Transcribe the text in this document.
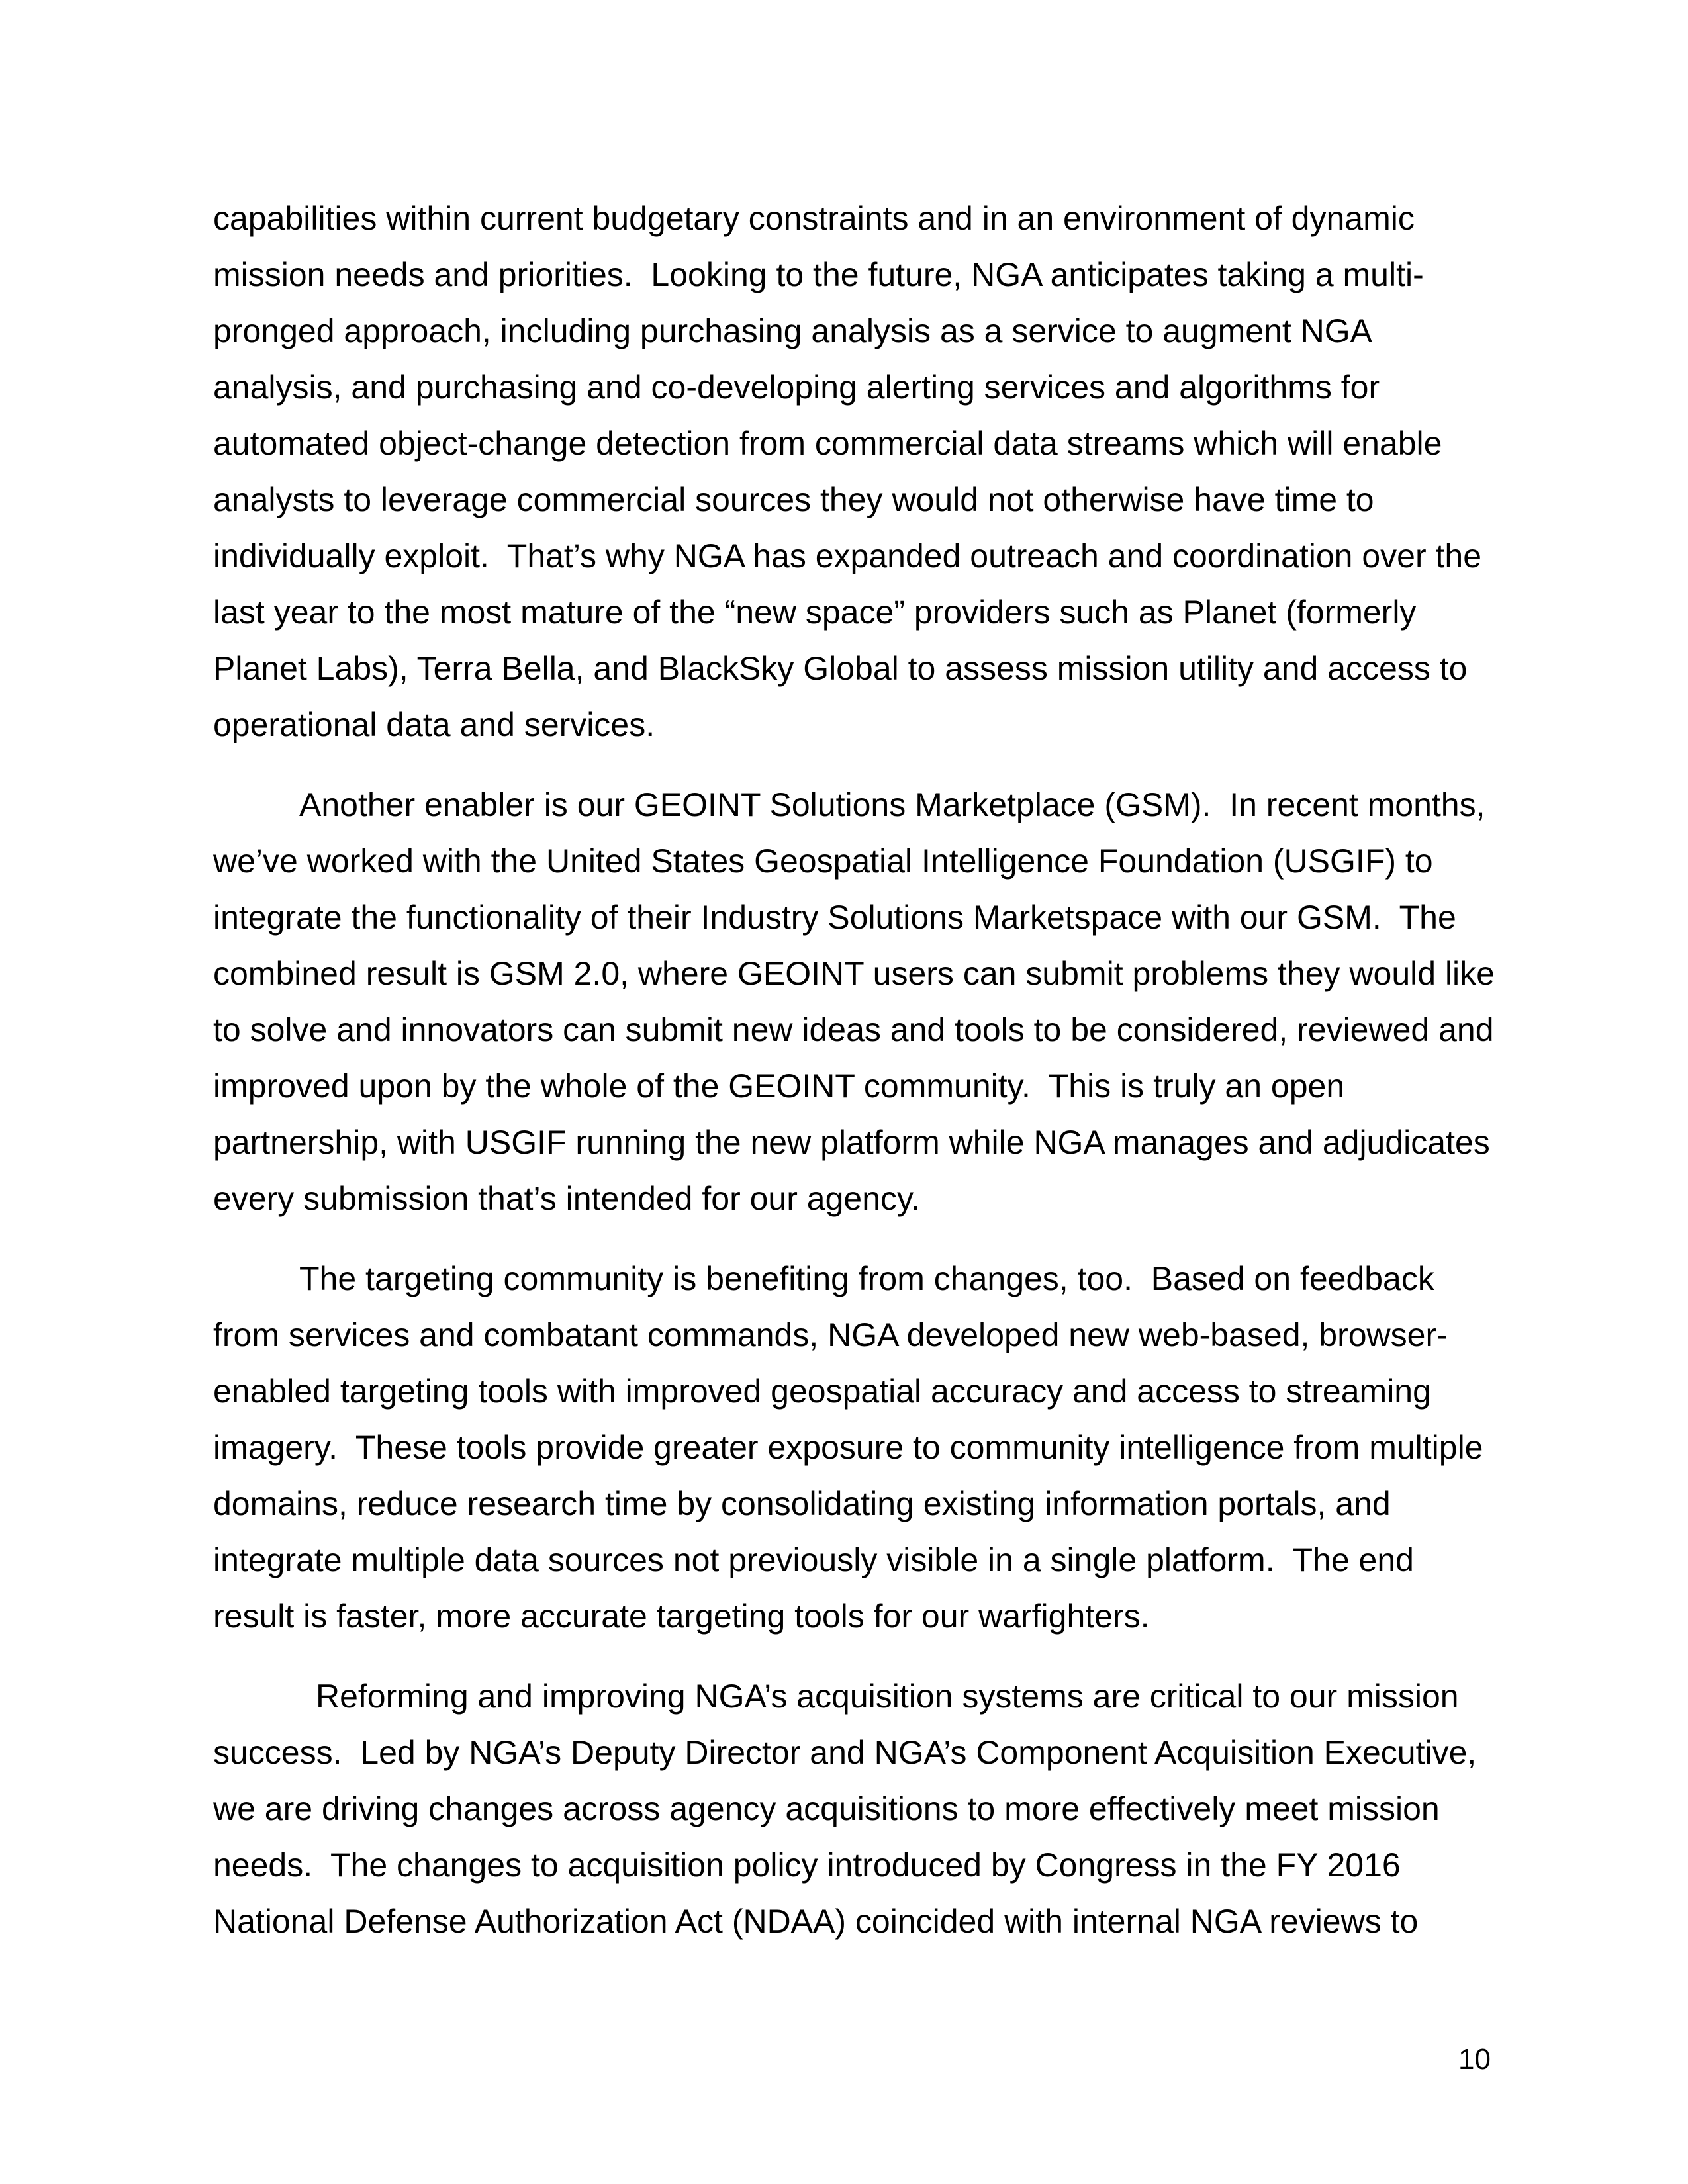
capabilities within current budgetary constraints and in an environment of dynamic
mission needs and priorities.  Looking to the future, NGA anticipates taking a multi-
pronged approach, including purchasing analysis as a service to augment NGA
analysis, and purchasing and co-developing alerting services and algorithms for
automated object-change detection from commercial data streams which will enable
analysts to leverage commercial sources they would not otherwise have time to
individually exploit.  That’s why NGA has expanded outreach and coordination over the
last year to the most mature of the “new space” providers such as Planet (formerly
Planet Labs), Terra Bella, and BlackSky Global to assess mission utility and access to
operational data and services.
Another enabler is our GEOINT Solutions Marketplace (GSM).  In recent months,
we’ve worked with the United States Geospatial Intelligence Foundation (USGIF) to
integrate the functionality of their Industry Solutions Marketspace with our GSM.  The
combined result is GSM 2.0, where GEOINT users can submit problems they would like
to solve and innovators can submit new ideas and tools to be considered, reviewed and
improved upon by the whole of the GEOINT community.  This is truly an open
partnership, with USGIF running the new platform while NGA manages and adjudicates
every submission that’s intended for our agency.
The targeting community is benefiting from changes, too.  Based on feedback
from services and combatant commands, NGA developed new web-based, browser-
enabled targeting tools with improved geospatial accuracy and access to streaming
imagery.  These tools provide greater exposure to community intelligence from multiple
domains, reduce research time by consolidating existing information portals, and
integrate multiple data sources not previously visible in a single platform.  The end
result is faster, more accurate targeting tools for our warfighters.
Reforming and improving NGA’s acquisition systems are critical to our mission
success.  Led by NGA’s Deputy Director and NGA’s Component Acquisition Executive,
we are driving changes across agency acquisitions to more effectively meet mission
needs.  The changes to acquisition policy introduced by Congress in the FY 2016
National Defense Authorization Act (NDAA) coincided with internal NGA reviews to
10
